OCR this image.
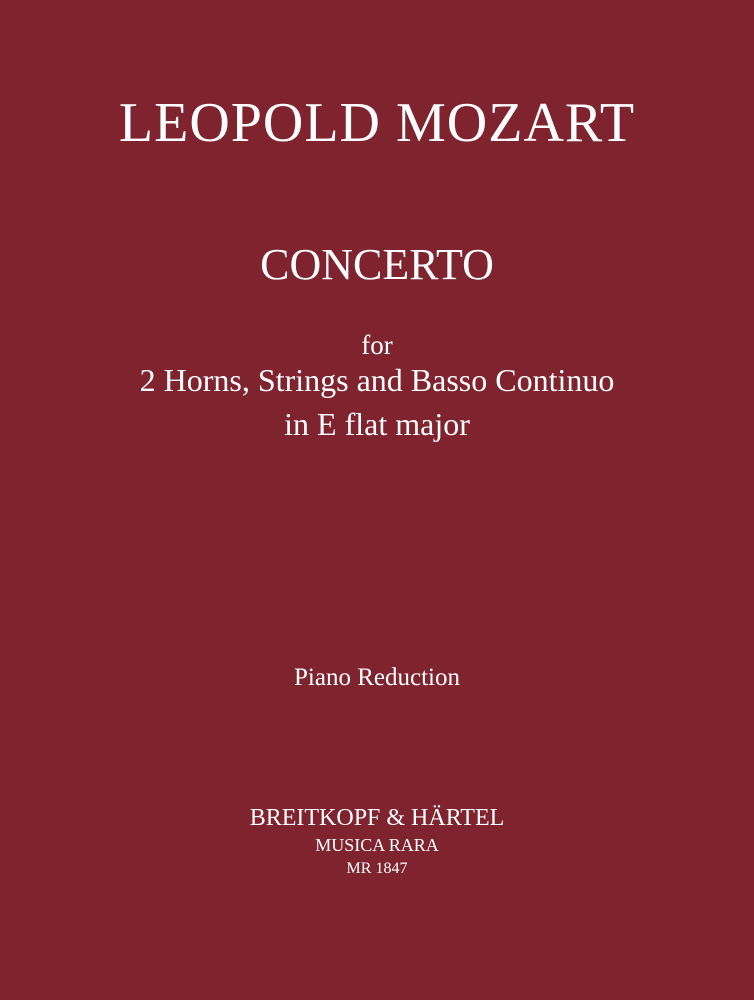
LEOPOLD MOZART
CONCERTO
for
2 Horns, Strings and Basso Continuo
in E flat major
Piano Reduction
BREITKOPF & HÄRTEL
MUSICA RARA
MR 1847
